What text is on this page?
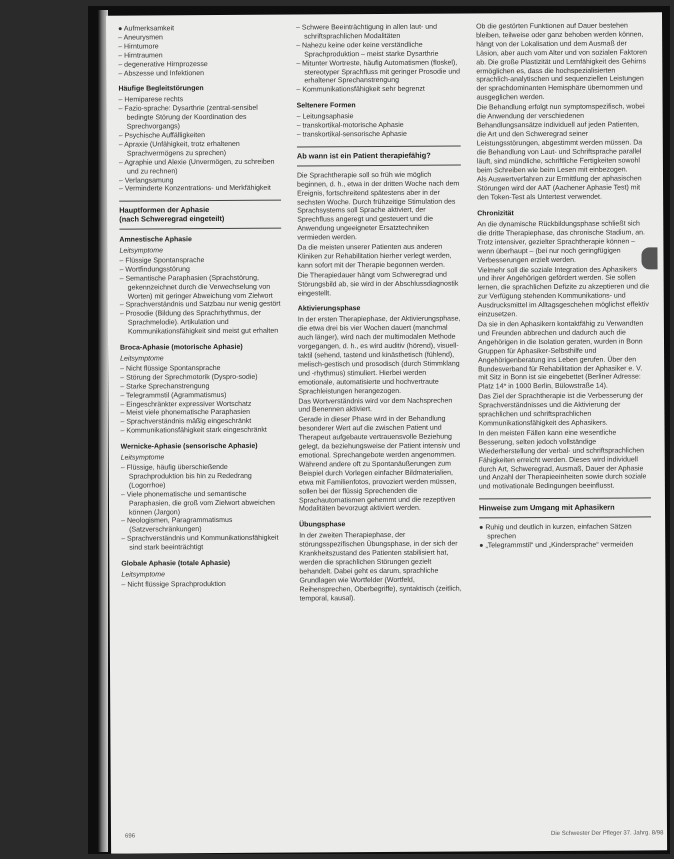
● Aufmerksamkeit

– Aneurysmen

– Hirntumore

– Hirntraumen

– degenerative Hirnprozesse

– Abszesse und Infektionen

Häufige Begleitstörungen

– Hemiparese rechts

– Fazio-sprache: Dysarthrie (zentral-sensibel bedingte Störung der Koordination des Sprechvorgangs)

– Psychische Auffälligkeiten

– Apraxie (Unfähigkeit, trotz erhaltenen Sprachvermögens zu sprechen)

– Agraphie und Alexie (Unvermögen, zu schreiben und zu rechnen)

– Verlangsamung

– Verminderte Konzentrations- und Merkfähigkeit

Hauptformen der Aphasie
(nach Schweregrad eingeteilt)
Amnestische Aphasie

Leitsymptome

– Flüssige Spontansprache

– Wortfindungsstörung

– Semantische Paraphasien (Sprachstörung, gekennzeichnet durch die Verwechselung von Worten) mit geringer Abweichung vom Zielwort

– Sprachverständnis und Satzbau nur wenig gestört

– Prosodie (Bildung des Sprachrhythmus, der Sprachmelodie). Artikulation und Kommunikationsfähigkeit sind meist gut erhalten

Broca-Aphasie (motorische Aphasie)

Leitsymptome

– Nicht flüssige Spontansprache

– Störung der Sprechmotorik (Dyspro-sodie)

– Starke Sprechanstrengung

– Telegrammstil (Agrammatismus)

– Eingeschränkter expressiver Wortschatz

– Meist viele phonematische Paraphasien

– Sprachverständnis mäßig eingeschränkt

– Kommunikationsfähigkeit stark eingeschränkt

Wernicke-Aphasie (sensorische Aphasie)

Leitsymptome

– Flüssige, häufig überschießende Sprachproduktion bis hin zu Rededrang (Logorrhoe)

– Viele phonematische und semantische Paraphasien, die groß vom Zielwort abweichen können (Jargon)

– Neologismen, Paragrammatismus (Satzverschränkungen)

– Sprachverständnis und Kommunikationsfähigkeit sind stark beeinträchtigt

Globale Aphasie (totale Aphasie)

Leitsymptome

– Nicht flüssige Sprachproduktion

– Schwere Beeinträchtigung in allen laut- und schriftsprachlichen Modalitäten

– Nahezu keine oder keine verständliche Sprachproduktion – meist starke Dysarthrie

– Mitunter Wortreste, häufig Automatismen (floskel), stereotyper Sprachfluss mit geringer Prosodie und erhaltener Sprechanstrengung

– Kommunikationsfähigkeit sehr begrenzt

Seltenere Formen

– Leitungsaphasie

– transkortikal-motorische Aphasie

– transkortikal-sensorische Aphasie

Ab wann ist ein Patient therapiefähig?

Die Sprachtherapie soll so früh wie möglich beginnen, d. h., etwa in der dritten Woche nach dem Ereignis, fortschreitend spätestens aber in der sechsten Woche. Durch frühzeitige Stimulation des Sprachsystems soll Sprache aktiviert, der Sprechfluss angeregt und gesteuert und die Anwendung ungeeigneter Ersatztechniken vermieden werden.

Da die meisten unserer Patienten aus anderen Kliniken zur Rehabilitation hierher verlegt werden, kann sofort mit der Therapie begonnen werden.

Die Therapiedauer hängt vom Schweregrad und Störungsbild ab, sie wird in der Abschlussdiagnostik eingestellt.

Aktivierungsphase

In der ersten Therapiephase, der Aktivierungsphase, die etwa drei bis vier Wochen dauert (manchmal auch länger), wird nach der multimodalen Methode vorgegangen, d. h., es wird auditiv (hörend), visuell-taktil (sehend, tastend und kinästhetisch (fühlend), melisch-gestisch und prosodisch (durch Stimmklang und -rhythmus) stimuliert. Hierbei werden emotionale, automatisierte und hochvertraute Sprachleistungen herangezogen.

Das Wortverständnis wird vor dem Nachsprechen und Benennen aktiviert.

Gerade in dieser Phase wird in der Behandlung besonderer Wert auf die zwischen Patient und Therapeut aufgebaute vertrauensvolle Beziehung gelegt, da beziehungsweise der Patient intensiv und emotional. Sprechangebote werden angenommen. Während andere oft zu Spontanäußerungen zum Beispiel durch Vorlegen einfacher Bildmaterialien, etwa mit Familienfotos, provoziert werden müssen, sollen bei der flüssig Sprechenden die Sprachautomatismen gehemmt und die rezeptiven Modalitäten bevorzugt aktiviert werden.

Übungsphase

In der zweiten Therapiephase, der störungsspezifischen Übungsphase, in der sich der Krankheitszustand des Patienten stabilisiert hat, werden die sprachlichen Störungen gezielt behandelt. Dabei geht es darum, sprachliche Grundlagen wie Wortfelder (Wortfeld, Reihensprechen, Oberbegriffe), syntaktisch (zeitlich, temporal, kausal).

Ob die gestörten Funktionen auf Dauer bestehen bleiben, teilweise oder ganz behoben werden können, hängt von der Lokalisation und dem Ausmaß der Läsion, aber auch vom Alter und von sozialen Faktoren ab. Die große Plastizität und Lernfähigkeit des Gehirns ermöglichen es, dass die hochspezialisierten sprachlich-analytischen und sequenziellen Leistungen der sprachdominanten Hemisphäre übernommen und ausgeglichen werden.

Die Behandlung erfolgt nun symptomspezifisch, wobei die Anwendung der verschiedenen Behandlungsansätze individuell auf jeden Patienten, die Art und den Schweregrad seiner Leistungsstörungen, abgestimmt werden müssen. Da die Behandlung von Laut- und Schriftsprache parallel läuft, sind mündliche, schriftliche Fertigkeiten sowohl beim Schreiben wie beim Lesen mit einbezogen.

Als Auswertverfahren zur Ermittlung der aphasischen Störungen wird der AAT (Aachener Aphasie Test) mit den Token-Test als Untertest verwendet.

Chronizität

An die dynamische Rückbildungsphase schließt sich die dritte Therapiephase, das chronische Stadium, an. Trotz intensiver, gezielter Sprachtherapie können – wenn überhaupt – (bei nur noch geringfügigen Verbesserungen erzielt werden.

Vielmehr soll die soziale Integration des Aphasikers und ihrer Angehörigen gefördert werden. Sie sollen lernen, die sprachlichen Defizite zu akzeptieren und die zur Verfügung stehenden Kommunikations- und Ausdrucksmittel im Alltagsgeschehen möglichst effektiv einzusetzen.

Da sie in den Aphasikern kontaktfähig zu Verwandten und Freunden abbrechen und dadurch auch die Angehörigen in die Isolation geraten, wurden in Bonn Gruppen für Aphasiker-Selbsthilfe und Angehörigenberatung ins Leben gerufen. Über den Bundesverband für Rehabilitation der Aphasiker e. V. mit Sitz in Bonn ist sie eingebettet (Berliner Adresse: Platz 14* in 1000 Berlin, Bülowstraße 14).

Das Ziel der Sprachtherapie ist die Verbesserung der Sprachverständnisses und die Aktivierung der sprachlichen und schriftsprachlichen Kommunikationsfähigkeit des Aphasikers.

In den meisten Fällen kann eine wesentliche Besserung, selten jedoch vollständige Wiederherstellung der verbal- und schriftsprachlichen Fähigkeiten erreicht werden. Dieses wird individuell durch Art, Schweregrad, Ausmaß, Dauer der Aphasie und Anzahl der Therapieeinheiten sowie durch soziale und motivationale Bedingungen beeinflusst.

Hinweise zum Umgang mit Aphasikern

● Ruhig und deutlich in kurzen, einfachen Sätzen sprechen

● „Telegrammstil“ und „Kindersprache“ vermeiden

696	Die Schwester Der Pfleger 37. Jahrg. 8/98
